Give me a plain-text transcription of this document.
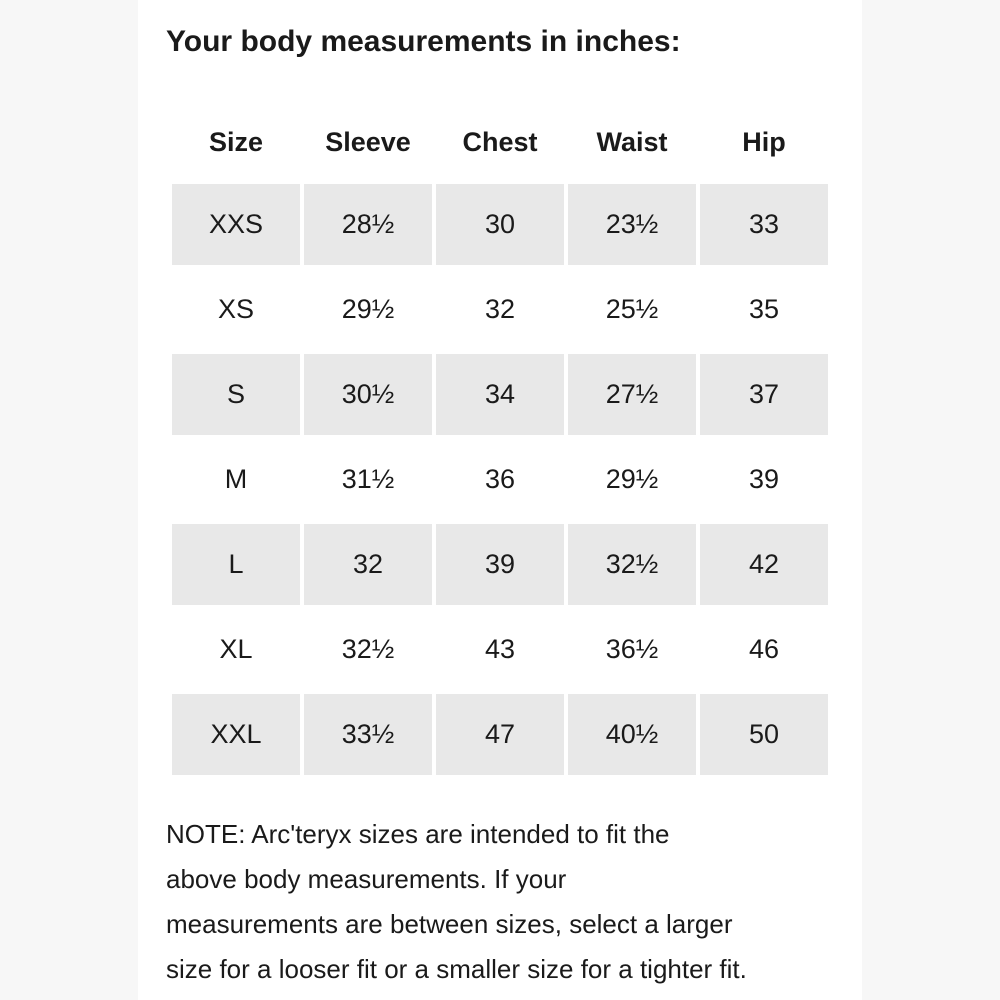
Your body measurements in inches:
Size	Sleeve	Chest	Waist	Hip
XXS	28½	30	23½	33
XS	29½	32	25½	35
S	30½	34	27½	37
M	31½	36	29½	39
L	32	39	32½	42
XL	32½	43	36½	46
XXL	33½	47	40½	50

NOTE: Arc'teryx sizes are intended to fit the
above body measurements. If your
measurements are between sizes, select a larger
size for a looser fit or a smaller size for a tighter fit.
